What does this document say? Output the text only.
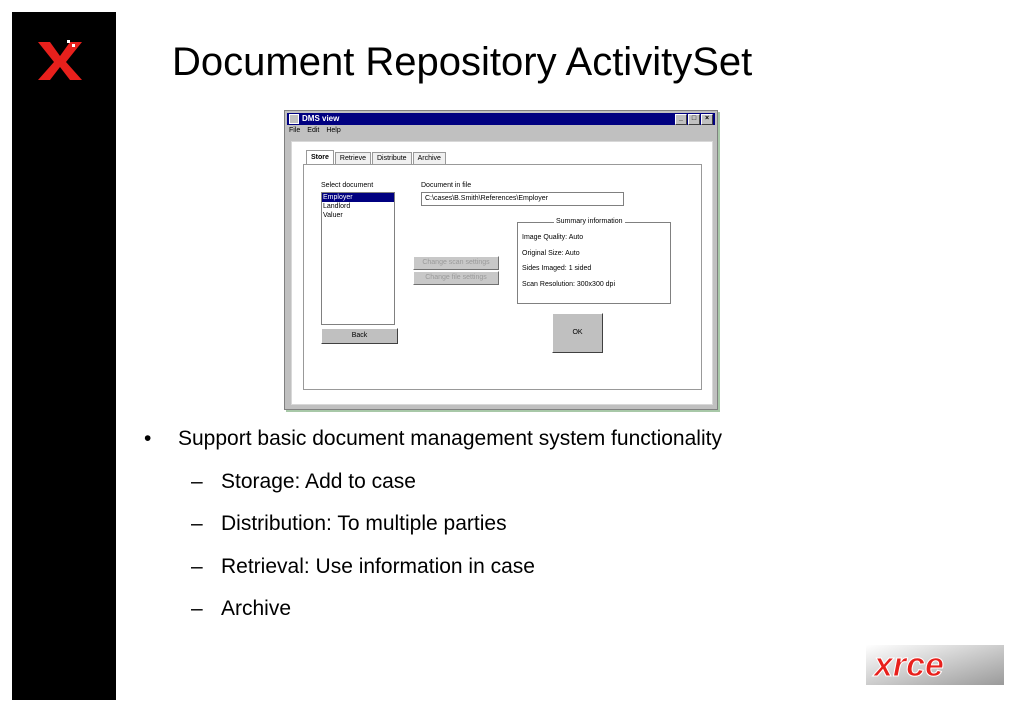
Document Repository ActivitySet
DMS view	_	□	×
File Edit Help
Store	Retrieve	Distribute	Archive
Select document
Employer
Landlord
Valuer
Document in file
C:\cases\B.Smith\References\Employer
Change scan settings
Change file settings
Summary information
Image Quality: Auto
Original Size: Auto
Sides Imaged: 1 sided
Scan Resolution: 300x300 dpi
OK
Back
• Support basic document management system functionality
– Storage: Add to case
– Distribution: To multiple parties
– Retrieval: Use information in case
– Archive
xrce
